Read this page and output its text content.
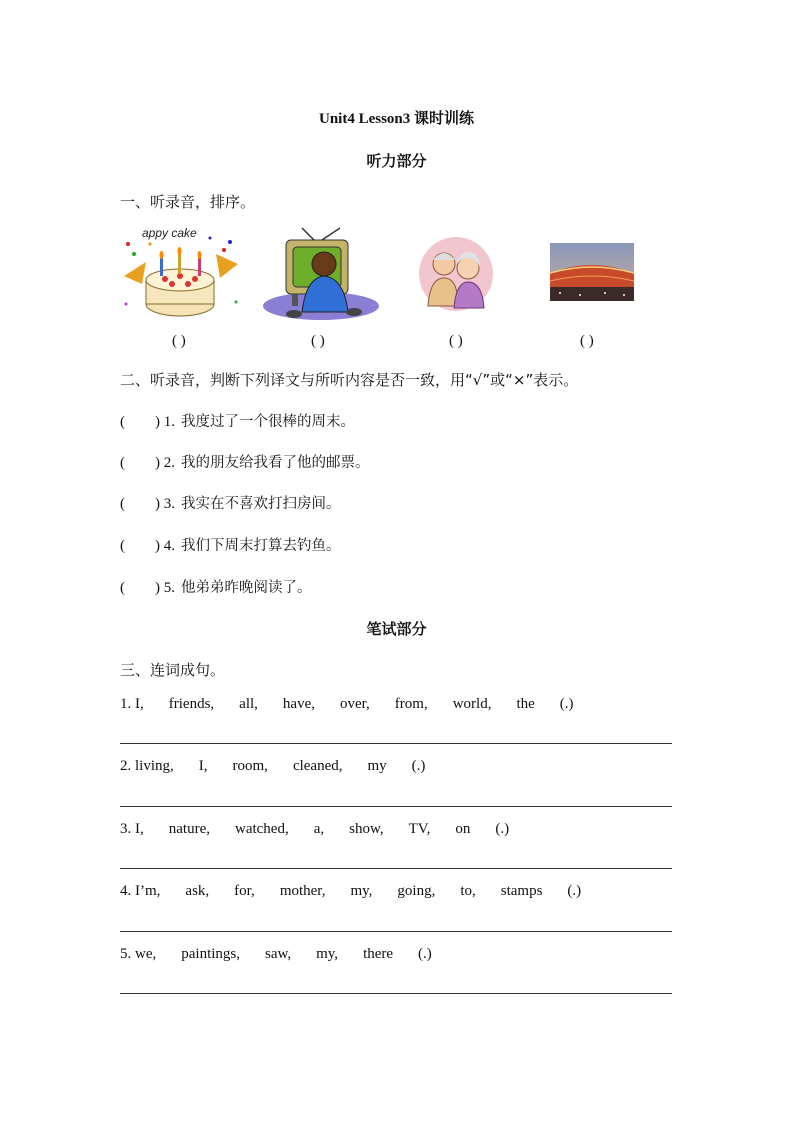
Unit4 Lesson3 课时训练
听力部分
一、听录音，排序。
appy cake
( )	( )	( )	( )
二、听录音，判断下列译文与所听内容是否一致，用“√”或“×”表示。
( ) 1. 我度过了一个很棒的周末。
( ) 2. 我的朋友给我看了他的邮票。
( ) 3. 我实在不喜欢打扫房间。
( ) 4. 我们下周末打算去钓鱼。
( ) 5. 他弟弟昨晚阅读了。
笔试部分
三、连词成句。
1. I, friends, all, have, over, from, world, the (.)
2. living, I, room, cleaned, my (.)
3. I, nature, watched, a, show, TV, on (.)
4. I’m, ask, for, mother, my, going, to, stamps (.)
5. we, paintings, saw, my, there (.)
